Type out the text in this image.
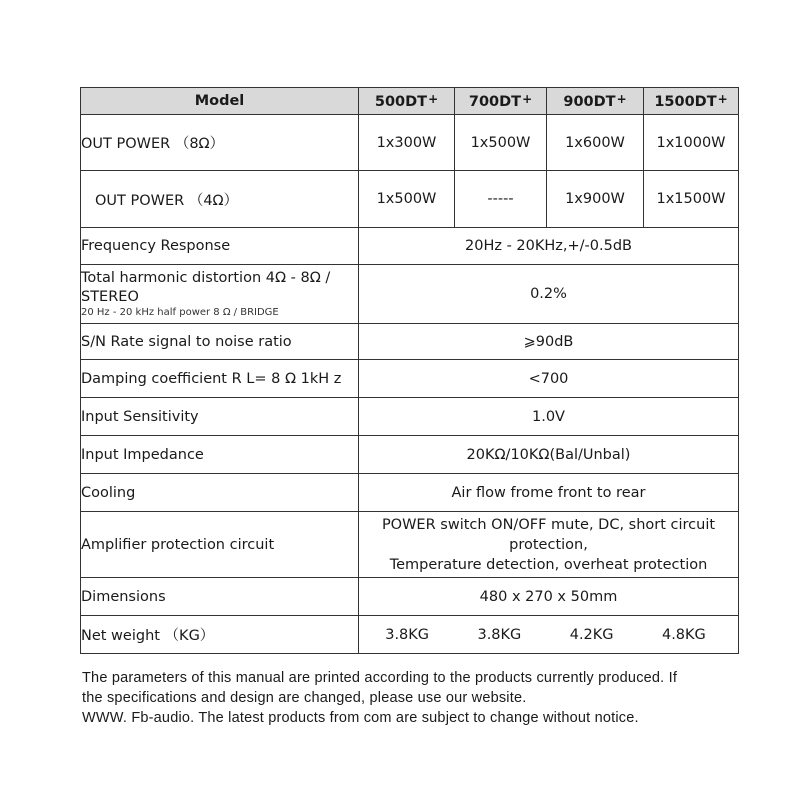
Model	500DT+	700DT+	900DT+	1500DT+
OUT POWER （8Ω）	1x300W	1x500W	1x600W	1x1000W
OUT POWER （4Ω）	1x500W	-----	1x900W	1x1500W
Frequency Response	20Hz - 20KHz,+/-0.5dB			

Total harmonic distortion 4Ω - 8Ω /
STEREO
20 Hz - 20 kHz half power 8 Ω / BRIDGE	0.2%			
S/N Rate signal to noise ratio	⩾90dB			
Damping coefficient R L= 8 Ω 1kH z	<700			
Input Sensitivity	1.0V			
Input Impedance	20KΩ/10KΩ(Bal/Unbal)			
Cooling	Air flow frome front to rear			
Amplifier protection circuit	POWER switch ON/OFF mute, DC, short circuit
protection,
Temperature detection, overheat protection			

Dimensions	480 x 270 x 50mm			
Net weight （KG）	3.8KG 3.8KG 4.2KG 4.8KG			
The parameters of this manual are printed according to the products currently produced. If
the specifications and design are changed, please use our website.
WWW. Fb-audio. The latest products from com are subject to change without notice.
